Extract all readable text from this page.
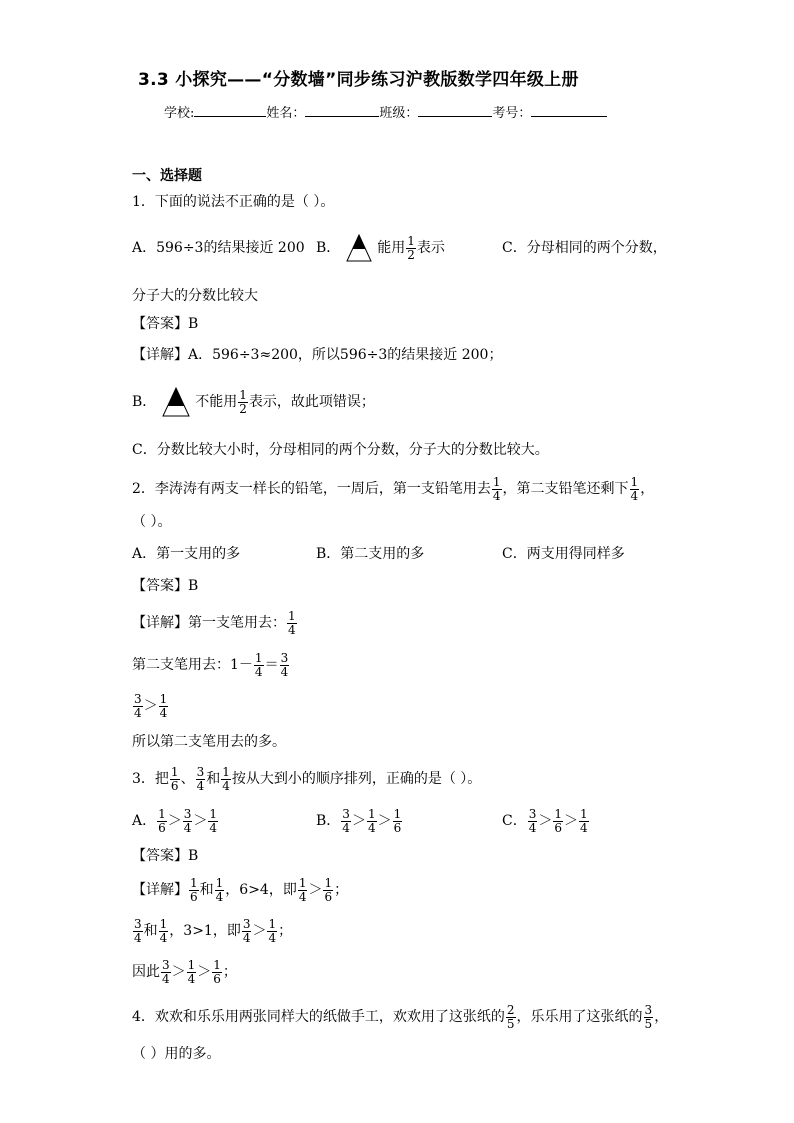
3.3 小探究——“分数墙”同步练习沪教版数学四年级上册
学校:	姓名：	班级：	考号：
一、选择题
1．下面的说法不正确的是（ ）。
A．596÷3的结果接近 200 B．	能用 $\frac{1}{2}$ 表示	C．分母相同的两个分数，
分子大的分数比较大
【答案】B
【详解】A．596÷3≈200，所以596÷3的结果接近 200；
B．	不能用 $\frac{1}{2}$ 表示，故此项错误；
C．分数比较大小时，分母相同的两个分数，分子大的分数比较大。
2．李涛涛有两支一样长的铅笔，一周后，第一支铅笔用去 $\frac{1}{4}$ ，第二支铅笔还剩下 $\frac{1}{4}$ ，
（ ）。
A．第一支用的多	B．第二支用的多	C．两支用得同样多
【答案】B
【详解】第一支笔用去： $\frac{1}{4}$
第二支笔用去：$1- \frac{1}{4} = \frac{3}{4}$
$\frac{3}{4} > \frac{1}{4}$
所以第二支笔用去的多。
3．把 $\frac{1}{6}$ 、 $\frac{3}{4}$ 和 $\frac{1}{4}$ 按从大到小的顺序排列，正确的是（ ）。
A． $\frac{1}{6} > \frac{3}{4} > \frac{1}{4}$	B． $\frac{3}{4} > \frac{1}{4} > \frac{1}{6}$	C． $\frac{3}{4} > \frac{1}{6} > \frac{1}{4}$
【答案】B
【详解】 $\frac{1}{6}$ 和 $\frac{1}{4}$ ，6>4，即 $\frac{1}{4} > \frac{1}{6}$ ；
$\frac{3}{4}$ 和 $\frac{1}{4}$ ，3>1，即 $\frac{3}{4} > \frac{1}{4}$ ；
因此 $\frac{3}{4} > \frac{1}{4} > \frac{1}{6}$ ；
4．欢欢和乐乐用两张同样大的纸做手工，欢欢用了这张纸的 $\frac{2}{5}$ ，乐乐用了这张纸的 $\frac{3}{5}$ ，
（ ）用的多。
